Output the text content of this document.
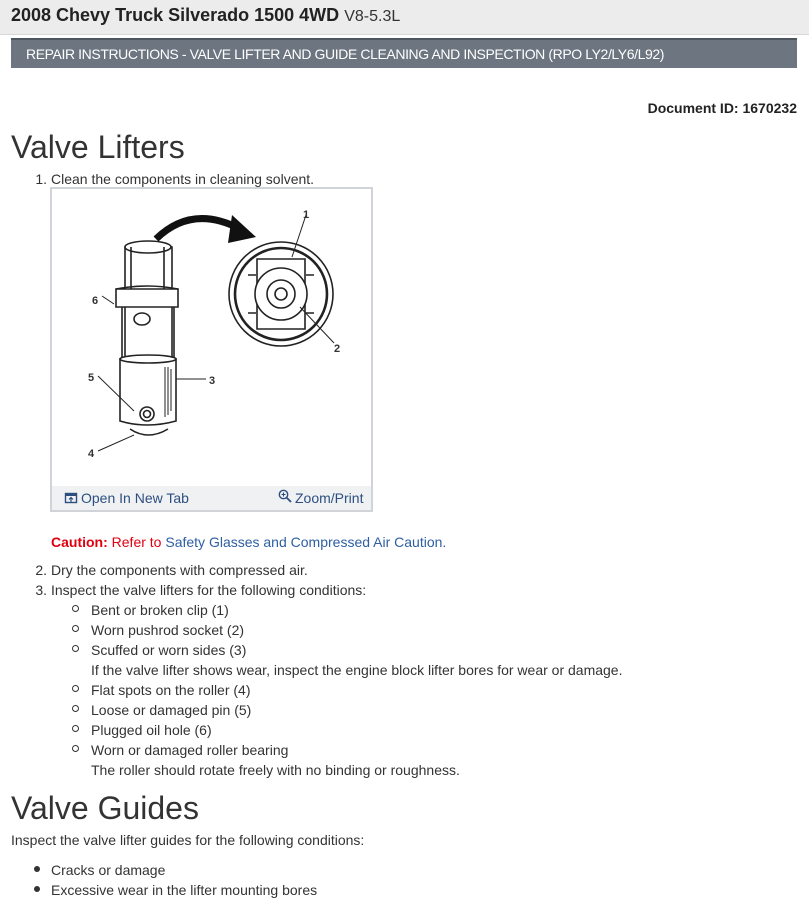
2008 Chevy Truck Silverado 1500 4WD V8-5.3L
REPAIR INSTRUCTIONS - VALVE LIFTER AND GUIDE CLEANING AND INSPECTION (RPO LY2/LY6/L92)
Document ID: 1670232
Valve Lifters
1. Clean the components in cleaning solvent.
1
2
3
4
5
6
Open In New Tab	Zoom/Print
Caution: Refer to Safety Glasses and Compressed Air Caution.
2. Dry the components with compressed air.
3. Inspect the valve lifters for the following conditions:
Bent or broken clip (1)
Worn pushrod socket (2)
Scuffed or worn sides (3)
If the valve lifter shows wear, inspect the engine block lifter bores for wear or damage.
Flat spots on the roller (4)
Loose or damaged pin (5)
Plugged oil hole (6)
Worn or damaged roller bearing
The roller should rotate freely with no binding or roughness.
Valve Guides
Inspect the valve lifter guides for the following conditions:
Cracks or damage
Excessive wear in the lifter mounting bores
